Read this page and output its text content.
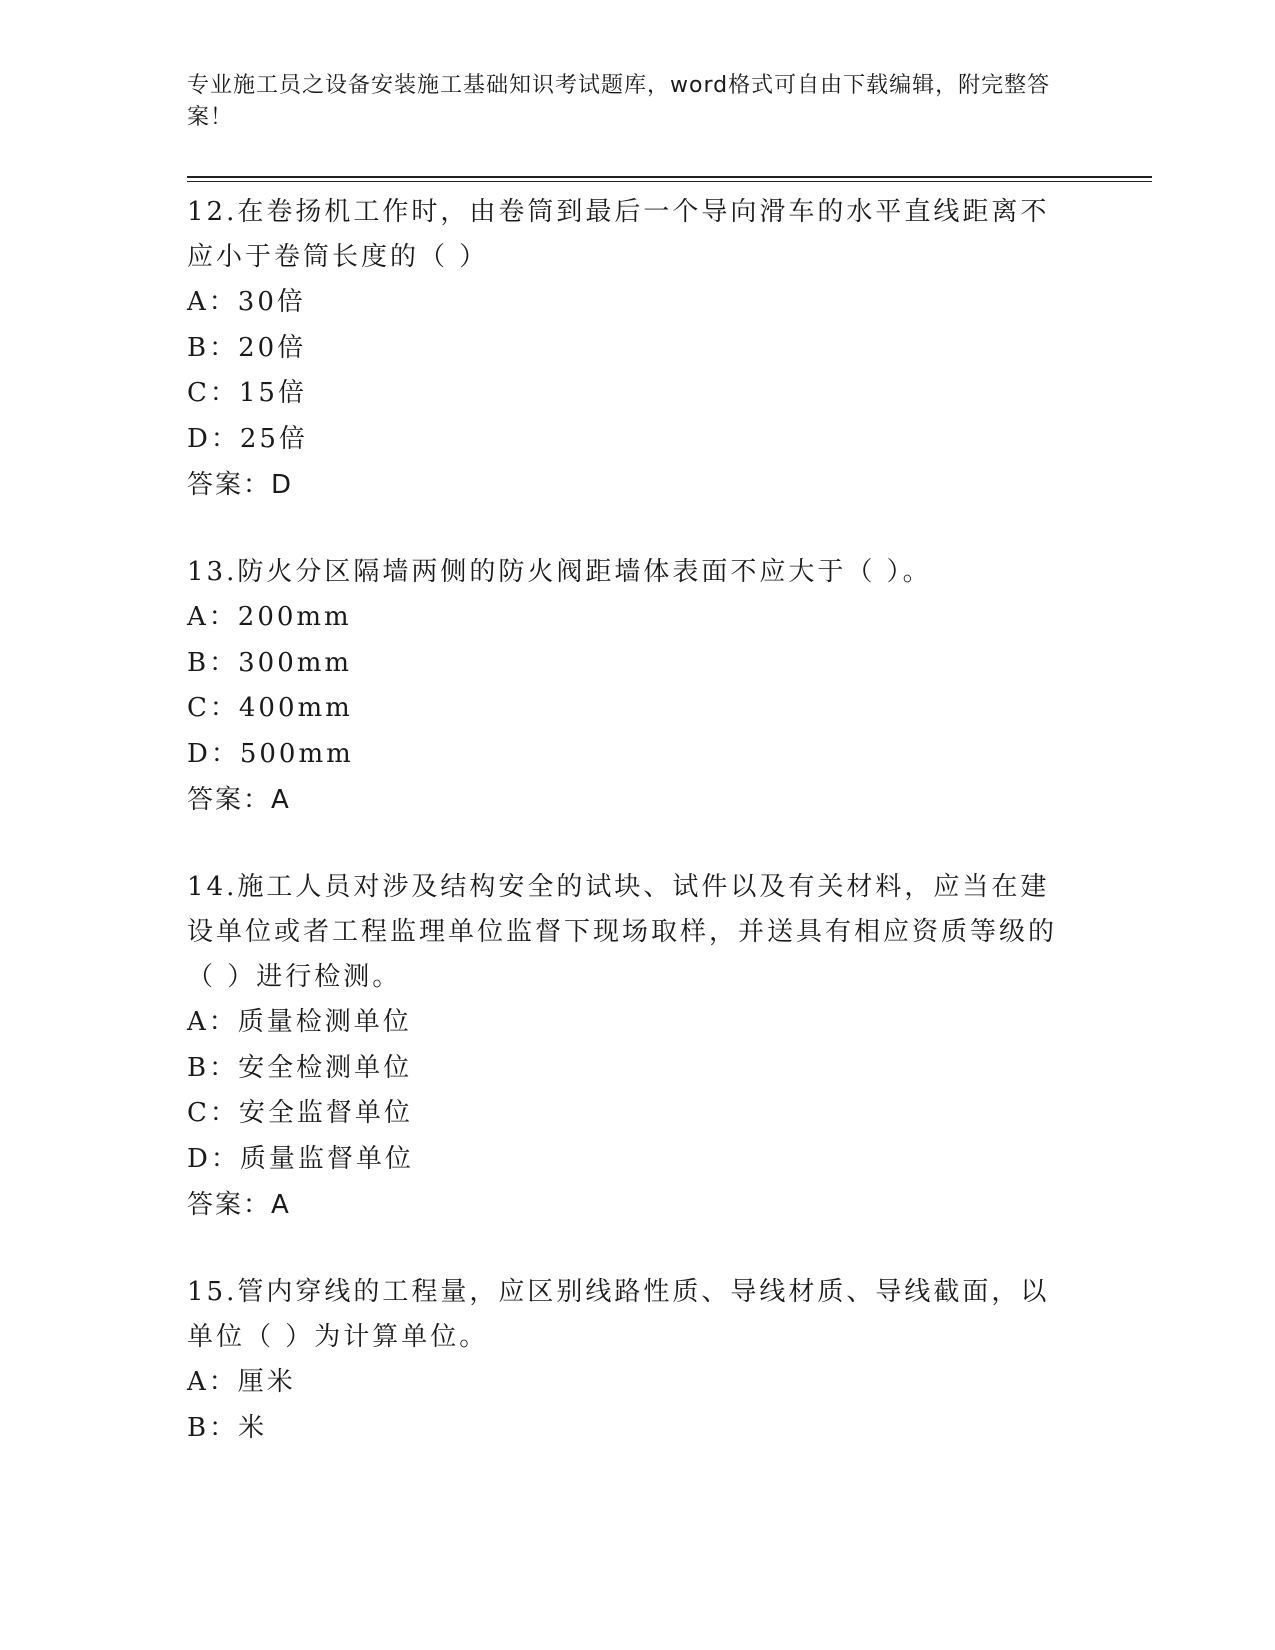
专业施工员之设备安装施工基础知识考试题库，word格式可自由下载编辑，附完整答案！
12.在卷扬机工作时，由卷筒到最后一个导向滑车的水平直线距离不应小于卷筒长度的（ ）
A：30倍
B：20倍
C：15倍
D：25倍
答案：D
13.防火分区隔墙两侧的防火阀距墙体表面不应大于（ ）。
A：200mm
B：300mm
C：400mm
D：500mm
答案：A
14.施工人员对涉及结构安全的试块、试件以及有关材料，应当在建设单位或者工程监理单位监督下现场取样，并送具有相应资质等级的（ ）进行检测。
A：质量检测单位
B：安全检测单位
C：安全监督单位
D：质量监督单位
答案：A
15.管内穿线的工程量，应区别线路性质、导线材质、导线截面，以单位（ ）为计算单位。
A：厘米
B：米
